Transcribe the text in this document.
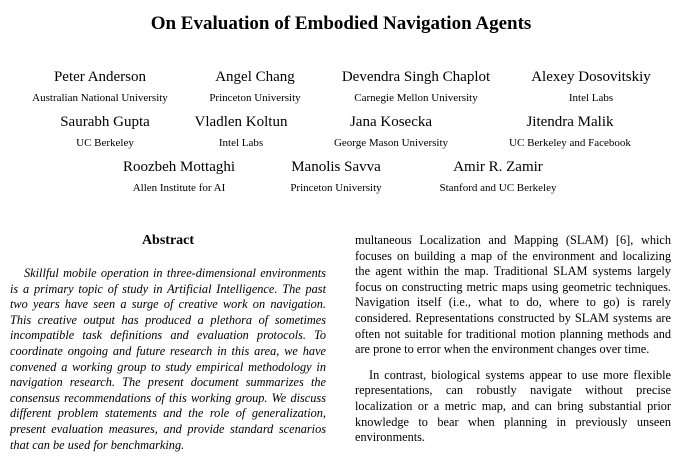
On Evaluation of Embodied Navigation Agents
Peter Anderson
Australian National University
Angel Chang
Princeton University
Devendra Singh Chaplot
Carnegie Mellon University
Alexey Dosovitskiy
Intel Labs
Saurabh Gupta
UC Berkeley
Vladlen Koltun
Intel Labs
Jana Kosecka
George Mason University
Jitendra Malik
UC Berkeley and Facebook
Roozbeh Mottaghi
Allen Institute for AI
Manolis Savva
Princeton University
Amir R. Zamir
Stanford and UC Berkeley
Abstract

Skillful mobile operation in three-dimensional environments is a primary topic of study in Artificial Intelligence. The past two years have seen a surge of creative work on navigation. This creative output has produced a plethora of sometimes incompatible task definitions and evaluation protocols. To coordinate ongoing and future research in this area, we have convened a working group to study empirical methodology in navigation research. The present document summarizes the consensus recommendations of this working group. We discuss different problem statements and the role of generalization, present evaluation measures, and provide standard scenarios that can be used for benchmarking.

multaneous Localization and Mapping (SLAM) [6], which focuses on building a map of the environment and localizing the agent within the map. Traditional SLAM systems largely focus on constructing metric maps using geometric techniques. Navigation itself (i.e., what to do, where to go) is rarely considered. Representations constructed by SLAM systems are often not suitable for traditional motion planning methods and are prone to error when the environment changes over time.

In contrast, biological systems appear to use more flexible representations, can robustly navigate without precise localization or a metric map, and can bring substantial prior knowledge to bear when planning in previously unseen environments.
